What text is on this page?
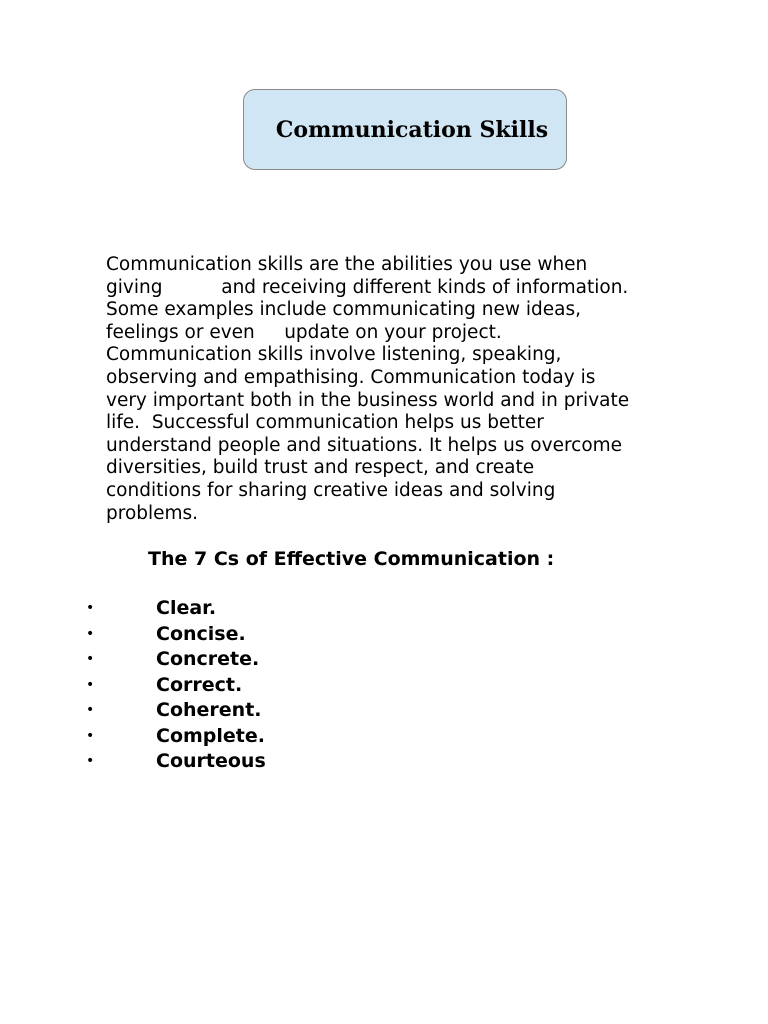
Communication Skills
Communication skills are the abilities you use when
giving          and receiving different kinds of information.
Some examples include communicating new ideas,
feelings or even     update on your project.
Communication skills involve listening, speaking,
observing and empathising. Communication today is
very important both in the business world and in private
life.  Successful communication helps us better
understand people and situations. It helps us overcome
diversities, build trust and respect, and create
conditions for sharing creative ideas and solving
problems.
The 7 Cs of Effective Communication :
•	Clear.
•	Concise.
•	Concrete.
•	Correct.
•	Coherent.
•	Complete.
•	Courteous
